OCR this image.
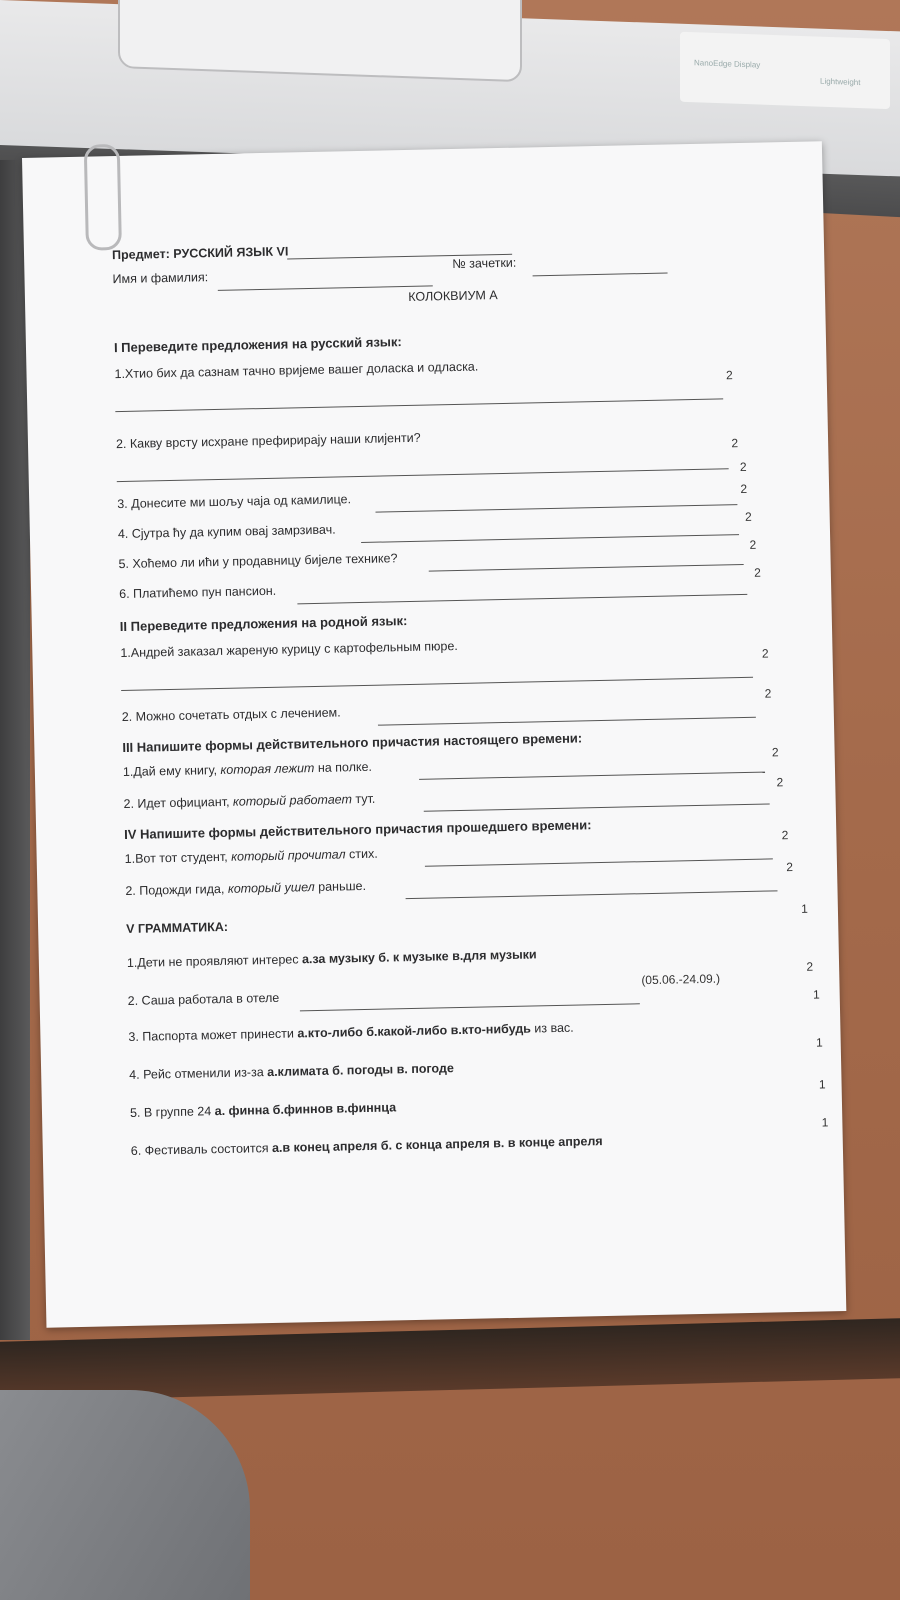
NanoEdge Display
Lightweight
Предмет: РУССКИЙ ЯЗЫК VI
Имя и фамилия:
№ зачетки:
КОЛОКВИУМ А
I Переведите предложения на русский язык:
1.Хтио бих да сазнам тачно вријеме вашег доласка и одласка.	2
2. Какву врсту исхране префирирају наши клијенти?	2
2
3. Донесите ми шољу чаја од камилице.
2
4. Сјутра ћу да купим овај замрзивач.
2
5. Хоћемо ли ићи у продавницу бијеле технике?
2
6. Платићемо пун пансион.
2
II Переведите предложения на родной язык:
1.Андрей заказал жареную курицу с картофельным пюре.	2
2. Можно сочетать отдых с лечением.
2
III Напишите формы действительного причастия настоящего времени:
1.Дай ему книгу, которая лежит на полке.
2
2. Идет официант, который работает тут.
2
IV Напишите формы действительного причастия прошедшего времени:
1.Вот тот студент, который прочитал стих.
2
2. Подожди гида, который ушел раньше.
2
V ГРАММАТИКА:
1
1.Дети не проявляют интерес а.за музыку б. к музыке в.для музыки
2
2. Саша работала в отеле
(05.06.-24.09.)
1
3. Паспорта может принести а.кто-либо б.какой-либо в.кто-нибудь из вас.
1
4. Рейс отменили из-за а.климата б. погоды в. погоде
1
5. В группе 24 а. финна б.финнов в.финнца
1
6. Фестиваль состоится а.в конец апреля б. с конца апреля в. в конце апреля
